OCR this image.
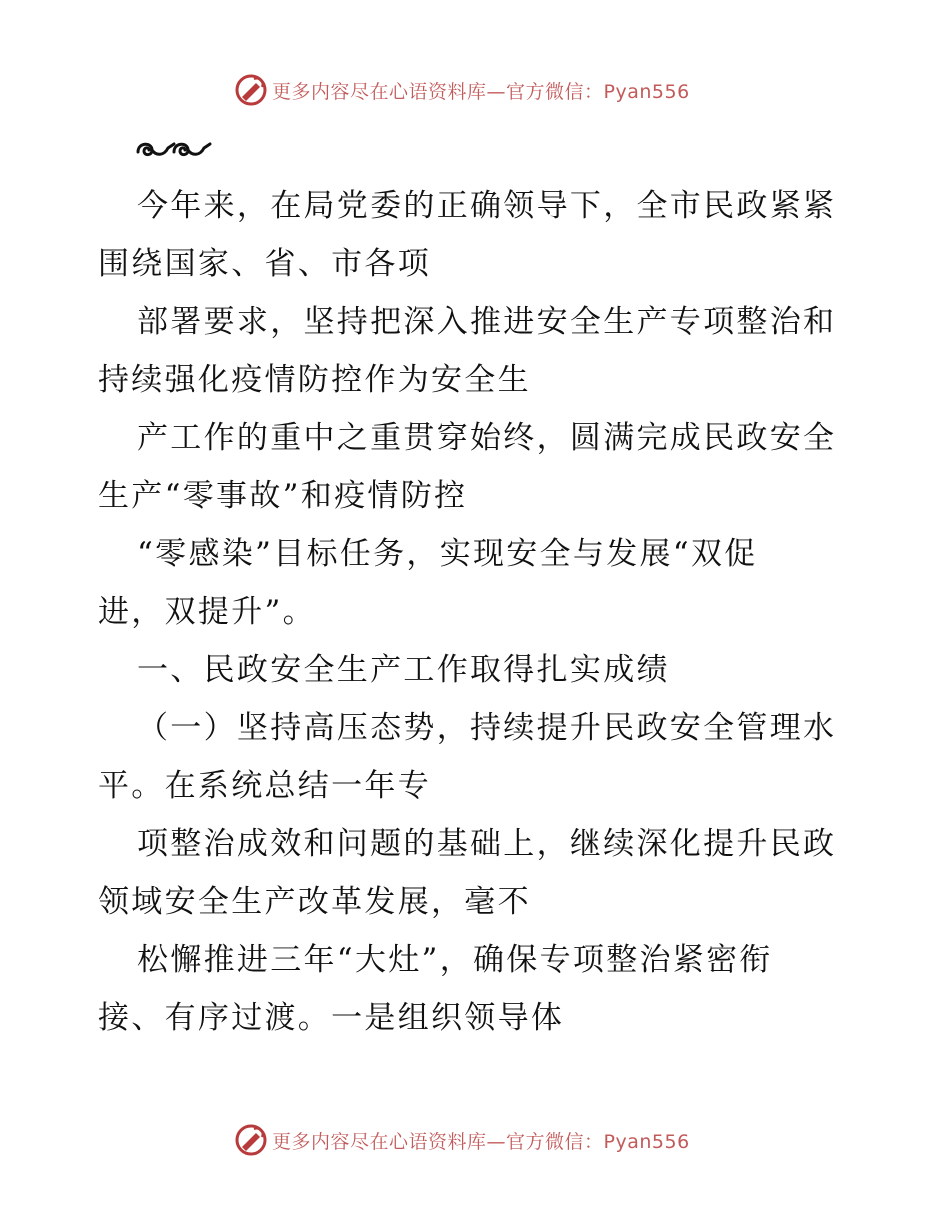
更多内容尽在心语资料库—官方微信：Pyan556
今年来，在局党委的正确领导下，全市民政紧紧
围绕国家、省、市各项
部署要求，坚持把深入推进安全生产专项整治和
持续强化疫情防控作为安全生
产工作的重中之重贯穿始终，圆满完成民政安全
生产“零事故”和疫情防控
“零感染”目标任务，实现安全与发展“双促
进，双提升”。
一、民政安全生产工作取得扎实成绩
（一）坚持高压态势，持续提升民政安全管理水
平。在系统总结一年专
项整治成效和问题的基础上，继续深化提升民政
领域安全生产改革发展，毫不
松懈推进三年“大灶”，确保专项整治紧密衔
接、有序过渡。一是组织领导体
更多内容尽在心语资料库—官方微信：Pyan556
